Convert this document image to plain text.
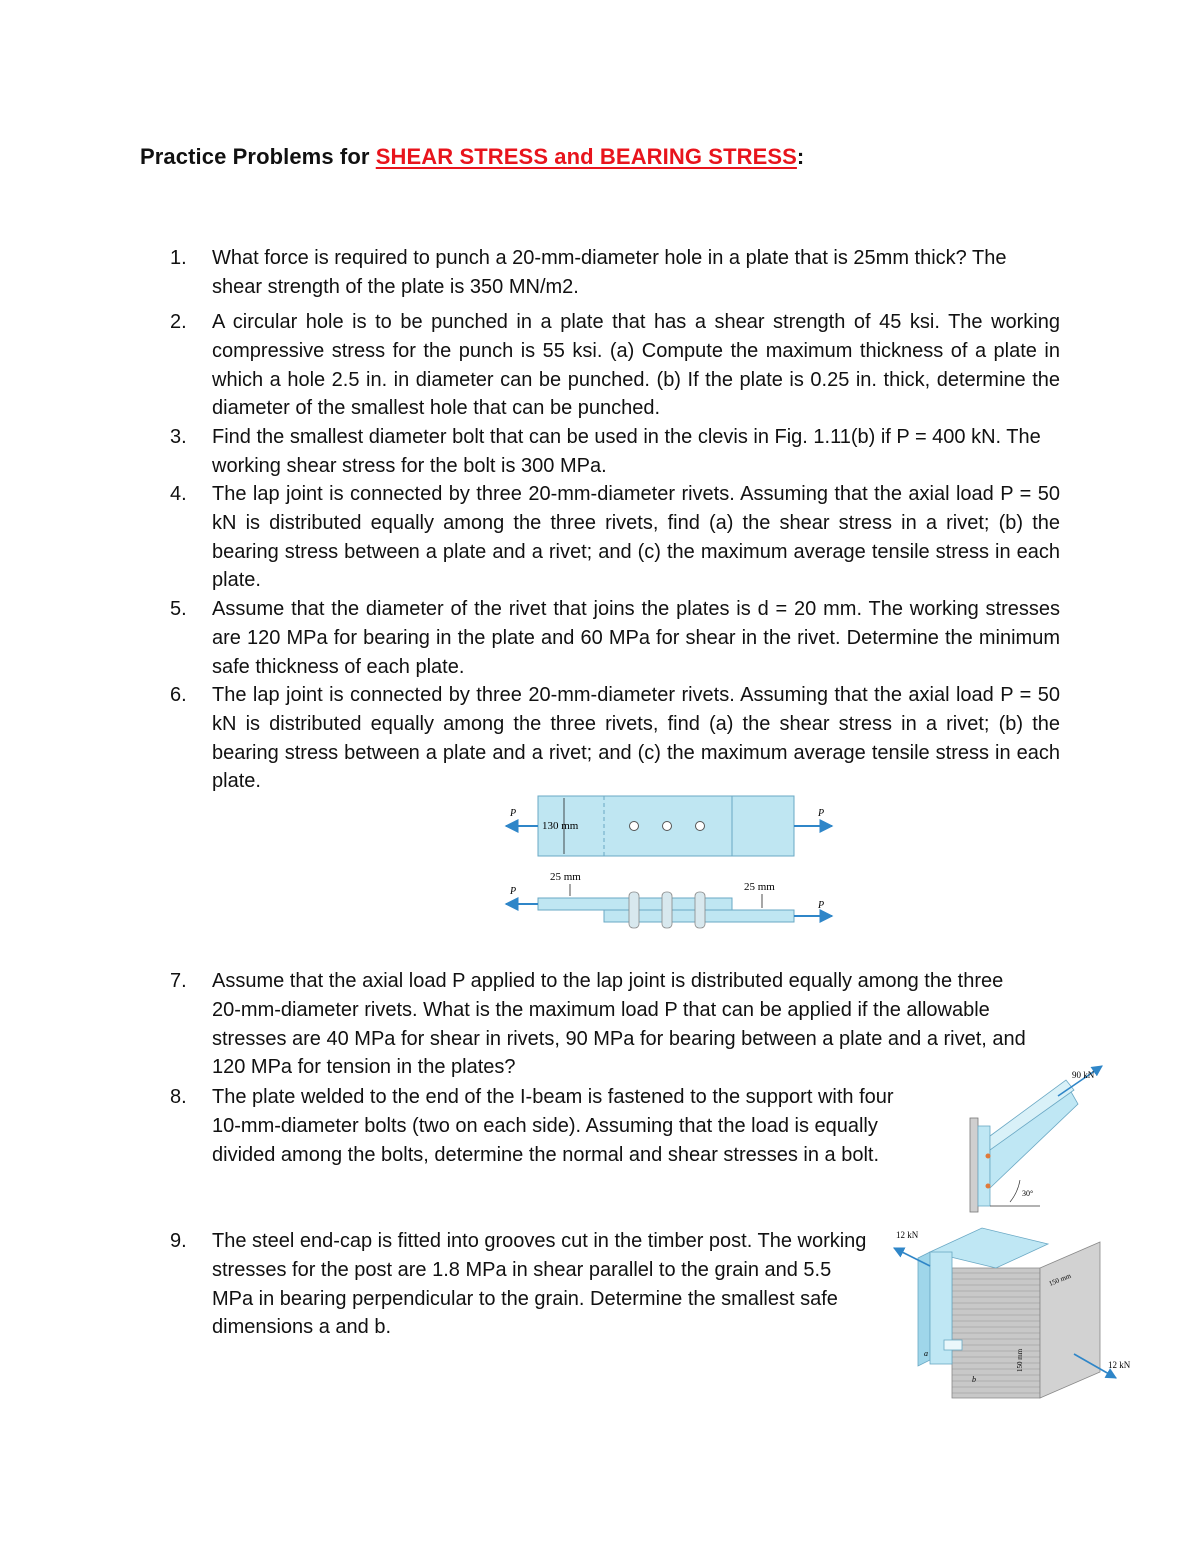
Practice Problems for SHEAR STRESS and BEARING STRESS:
1.	What force is required to punch a 20-mm-diameter hole in a plate that is 25mm thick? The shear strength of the plate is 350 MN/m2.
2.	A circular hole is to be punched in a plate that has a shear strength of 45 ksi. The working compressive stress for the punch is 55 ksi. (a) Compute the maximum thickness of a plate in which a hole 2.5 in. in diameter can be punched. (b) If the plate is 0.25 in. thick, determine the diameter of the smallest hole that can be punched.
3.	Find the smallest diameter bolt that can be used in the clevis in Fig. 1.11(b) if P = 400 kN. The working shear stress for the bolt is 300 MPa.
4.	The lap joint is connected by three 20-mm-diameter rivets. Assuming that the axial load P = 50 kN is distributed equally among the three rivets, find (a) the shear stress in a rivet; (b) the bearing stress between a plate and a rivet; and (c) the maximum average tensile stress in each plate.
5.	Assume that the diameter of the rivet that joins the plates is d = 20 mm. The working stresses are 120 MPa for bearing in the plate and 60 MPa for shear in the rivet. Determine the minimum safe thickness of each plate.
6.	The lap joint is connected by three 20-mm-diameter rivets. Assuming that the axial load P = 50 kN is distributed equally among the three rivets, find (a) the shear stress in a rivet; (b) the bearing stress between a plate and a rivet; and (c) the maximum average tensile stress in each plate.
P	P
130 mm
P
P
25 mm
25 mm
7.	Assume that the axial load P applied to the lap joint is distributed equally among the three 20-mm-diameter rivets. What is the maximum load P that can be applied if the allowable stresses are 40 MPa for shear in rivets, 90 MPa for bearing between a plate and a rivet, and 120 MPa for tension in the plates?
8.	The plate welded to the end of the I-beam is fastened to the support with four 10-mm-diameter bolts (two on each side). Assuming that the load is equally divided among the bolts, determine the normal and shear stresses in a bolt.
90 kN
30°
9.	The steel end-cap is fitted into grooves cut in the timber post. The working stresses for the post are 1.8 MPa in shear parallel to the grain and 5.5 MPa in bearing perpendicular to the grain. Determine the smallest safe dimensions a and b.
12 kN
12 kN
150 mm
150 mm
a
b
